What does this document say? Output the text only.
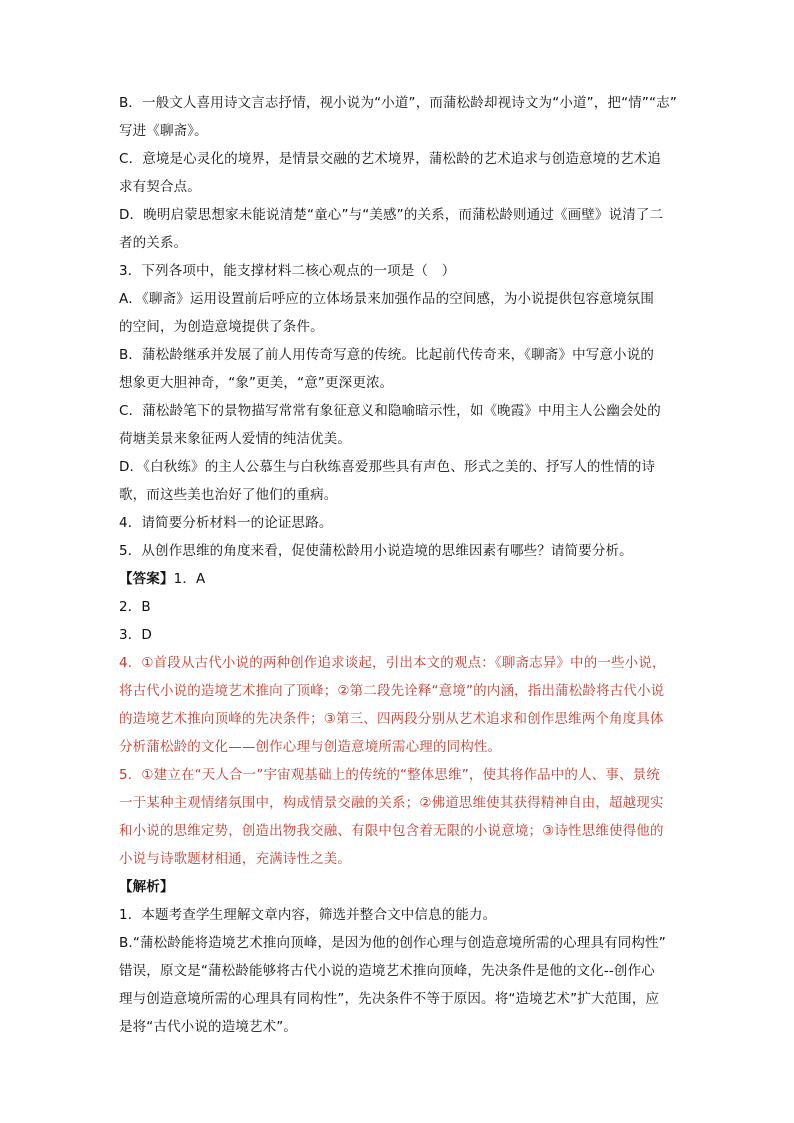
B．一般文人喜用诗文言志抒情，视小说为“小道”，而蒲松龄却视诗文为“小道”，把“情”“志”
写进《聊斋》。
C．意境是心灵化的境界，是情景交融的艺术境界，蒲松龄的艺术追求与创造意境的艺术追
求有契合点。
D．晚明启蒙思想家未能说清楚“童心”与“美感”的关系，而蒲松龄则通过《画壁》说清了二
者的关系。
3．下列各项中，能支撑材料二核心观点的一项是（　）
A．《聊斋》运用设置前后呼应的立体场景来加强作品的空间感，为小说提供包容意境氛围
的空间，为创造意境提供了条件。
B．蒲松龄继承并发展了前人用传奇写意的传统。比起前代传奇来，《聊斋》中写意小说的
想象更大胆神奇，“象”更美，“意”更深更浓。
C．蒲松龄笔下的景物描写常常有象征意义和隐喻暗示性，如《晚霞》中用主人公幽会处的
荷塘美景来象征两人爱情的纯洁优美。
D．《白秋练》的主人公慕生与白秋练喜爱那些具有声色、形式之美的、抒写人的性情的诗
歌，而这些美也治好了他们的重病。
4．请简要分析材料一的论证思路。
5．从创作思维的角度来看，促使蒲松龄用小说造境的思维因素有哪些？请简要分析。
【答案】1．A
2．B
3．D
4．①首段从古代小说的两种创作追求谈起，引出本文的观点：《聊斋志异》中的一些小说，
将古代小说的造境艺术推向了顶峰；②第二段先诠释“意境”的内涵，指出蒲松龄将古代小说
的造境艺术推向顶峰的先决条件；③第三、四两段分别从艺术追求和创作思维两个角度具体
分析蒲松龄的文化——创作心理与创造意境所需心理的同构性。
5．①建立在“天人合一”宇宙观基础上的传统的“整体思维”，使其将作品中的人、事、景统
一于某种主观情绪氛围中，构成情景交融的关系；②佛道思维使其获得精神自由，超越现实
和小说的思维定势，创造出物我交融、有限中包含着无限的小说意境；③诗性思维使得他的
小说与诗歌题材相通，充满诗性之美。
【解析】
1．本题考查学生理解文章内容，筛选并整合文中信息的能力。
B.“蒲松龄能将造境艺术推向顶峰，是因为他的创作心理与创造意境所需的心理具有同构性”
错误，原文是“蒲松龄能够将古代小说的造境艺术推向顶峰，先决条件是他的文化--创作心
理与创造意境所需的心理具有同构性”，先决条件不等于原因。将“造境艺术”扩大范围，应
是将“古代小说的造境艺术”。
